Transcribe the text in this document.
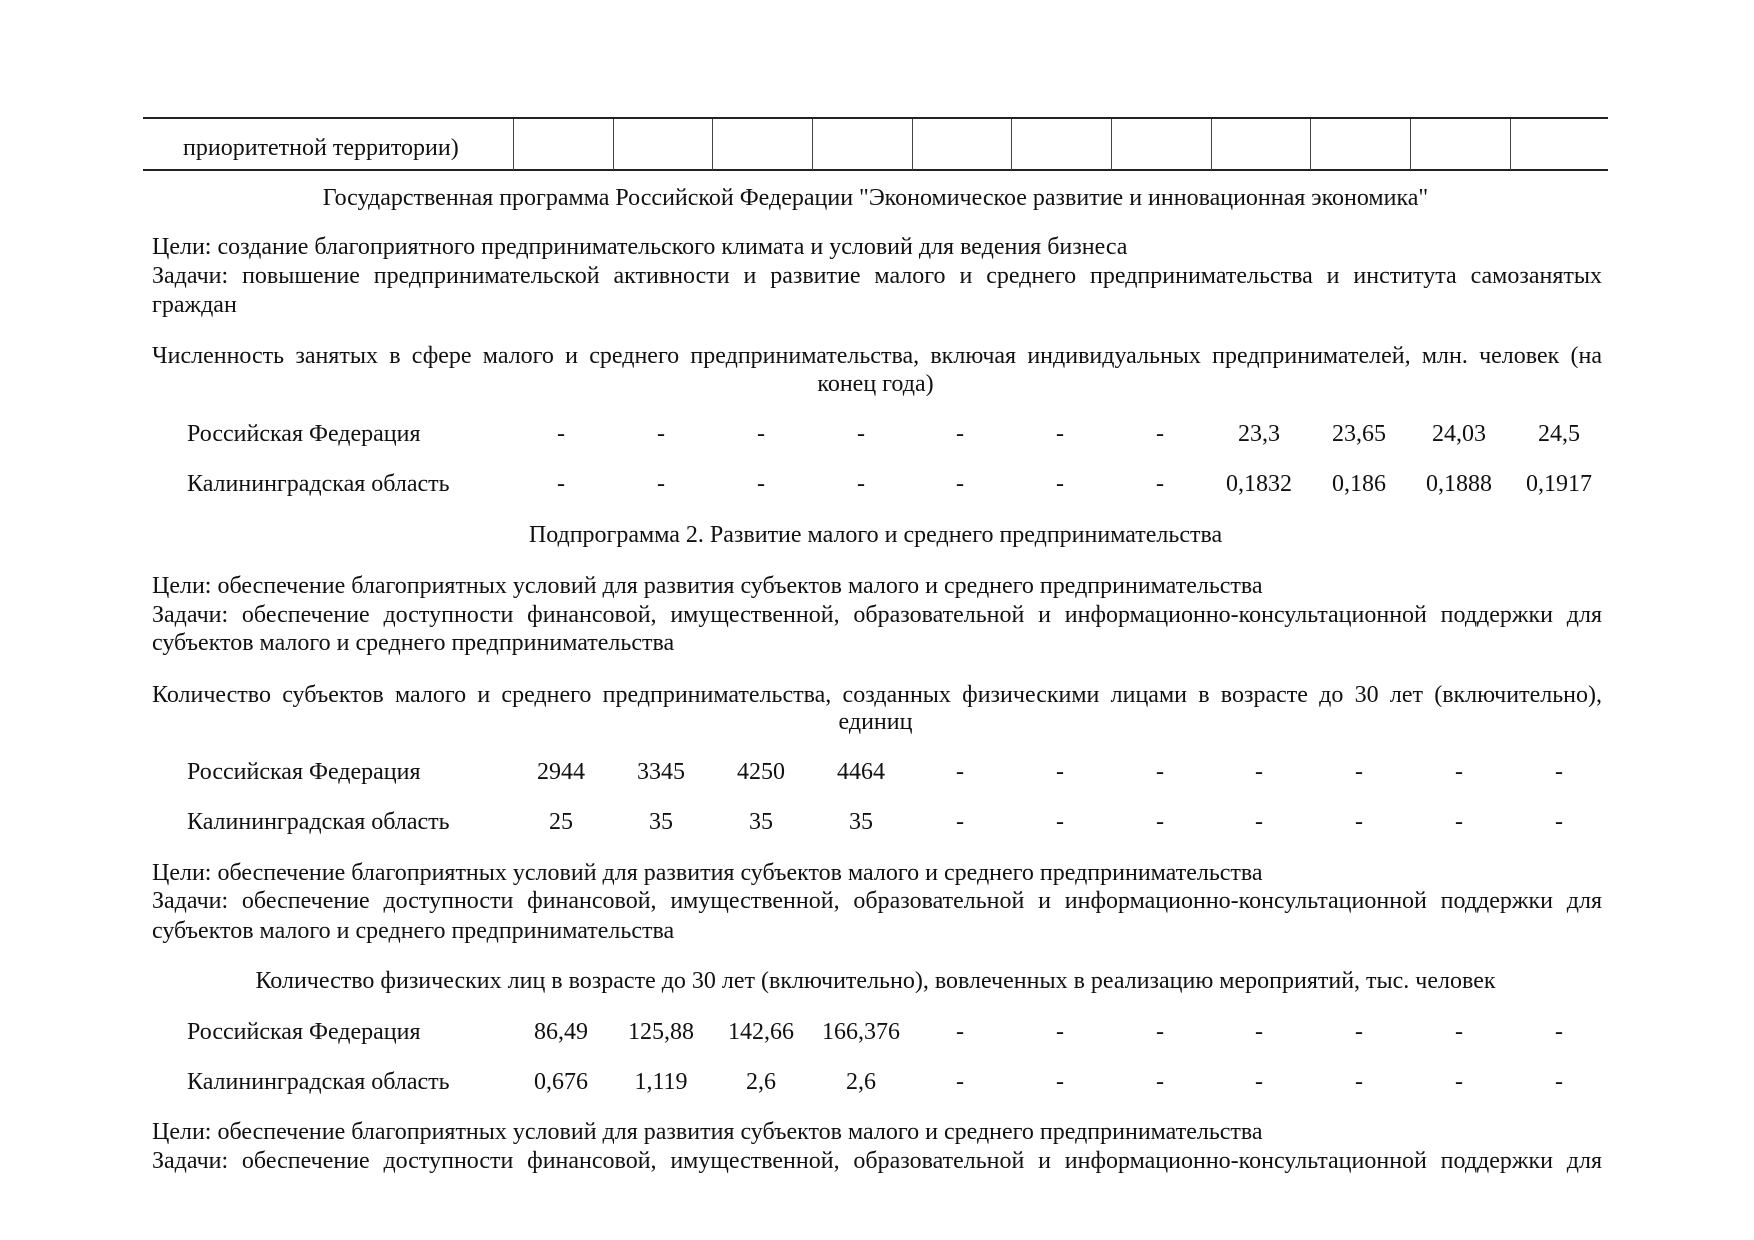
приоритетной территории)
Государственная программа Российской Федерации "Экономическое развитие и инновационная экономика"
Цели: создание благоприятного предпринимательского климата и условий для ведения бизнеса
Задачи: повышение предпринимательской активности и развитие малого и среднего предпринимательства и института самозанятых
граждан
Численность занятых в сфере малого и среднего предпринимательства, включая индивидуальных предпринимателей, млн. человек (на
конец года)
Российская Федерация	-	-	-	-	-	-	-	23,3	23,65	24,03	24,5
Калининградская область	-	-	-	-	-	-	-	0,1832	0,186	0,1888	0,1917
Подпрограмма 2. Развитие малого и среднего предпринимательства
Цели: обеспечение благоприятных условий для развития субъектов малого и среднего предпринимательства
Задачи: обеспечение доступности финансовой, имущественной, образовательной и информационно-консультационной поддержки для
субъектов малого и среднего предпринимательства
Количество субъектов малого и среднего предпринимательства, созданных физическими лицами в возрасте до 30 лет (включительно),
единиц
Российская Федерация	2944	3345	4250	4464	-	-	-	-	-	-	-
Калининградская область	25	35	35	35	-	-	-	-	-	-	-
Цели: обеспечение благоприятных условий для развития субъектов малого и среднего предпринимательства
Задачи: обеспечение доступности финансовой, имущественной, образовательной и информационно-консультационной поддержки для
субъектов малого и среднего предпринимательства
Количество физических лиц в возрасте до 30 лет (включительно), вовлеченных в реализацию мероприятий, тыс. человек
Российская Федерация	86,49	125,88	142,66	166,376	-	-	-	-	-	-	-
Калининградская область	0,676	1,119	2,6	2,6	-	-	-	-	-	-	-
Цели: обеспечение благоприятных условий для развития субъектов малого и среднего предпринимательства
Задачи: обеспечение доступности финансовой, имущественной, образовательной и информационно-консультационной поддержки для
